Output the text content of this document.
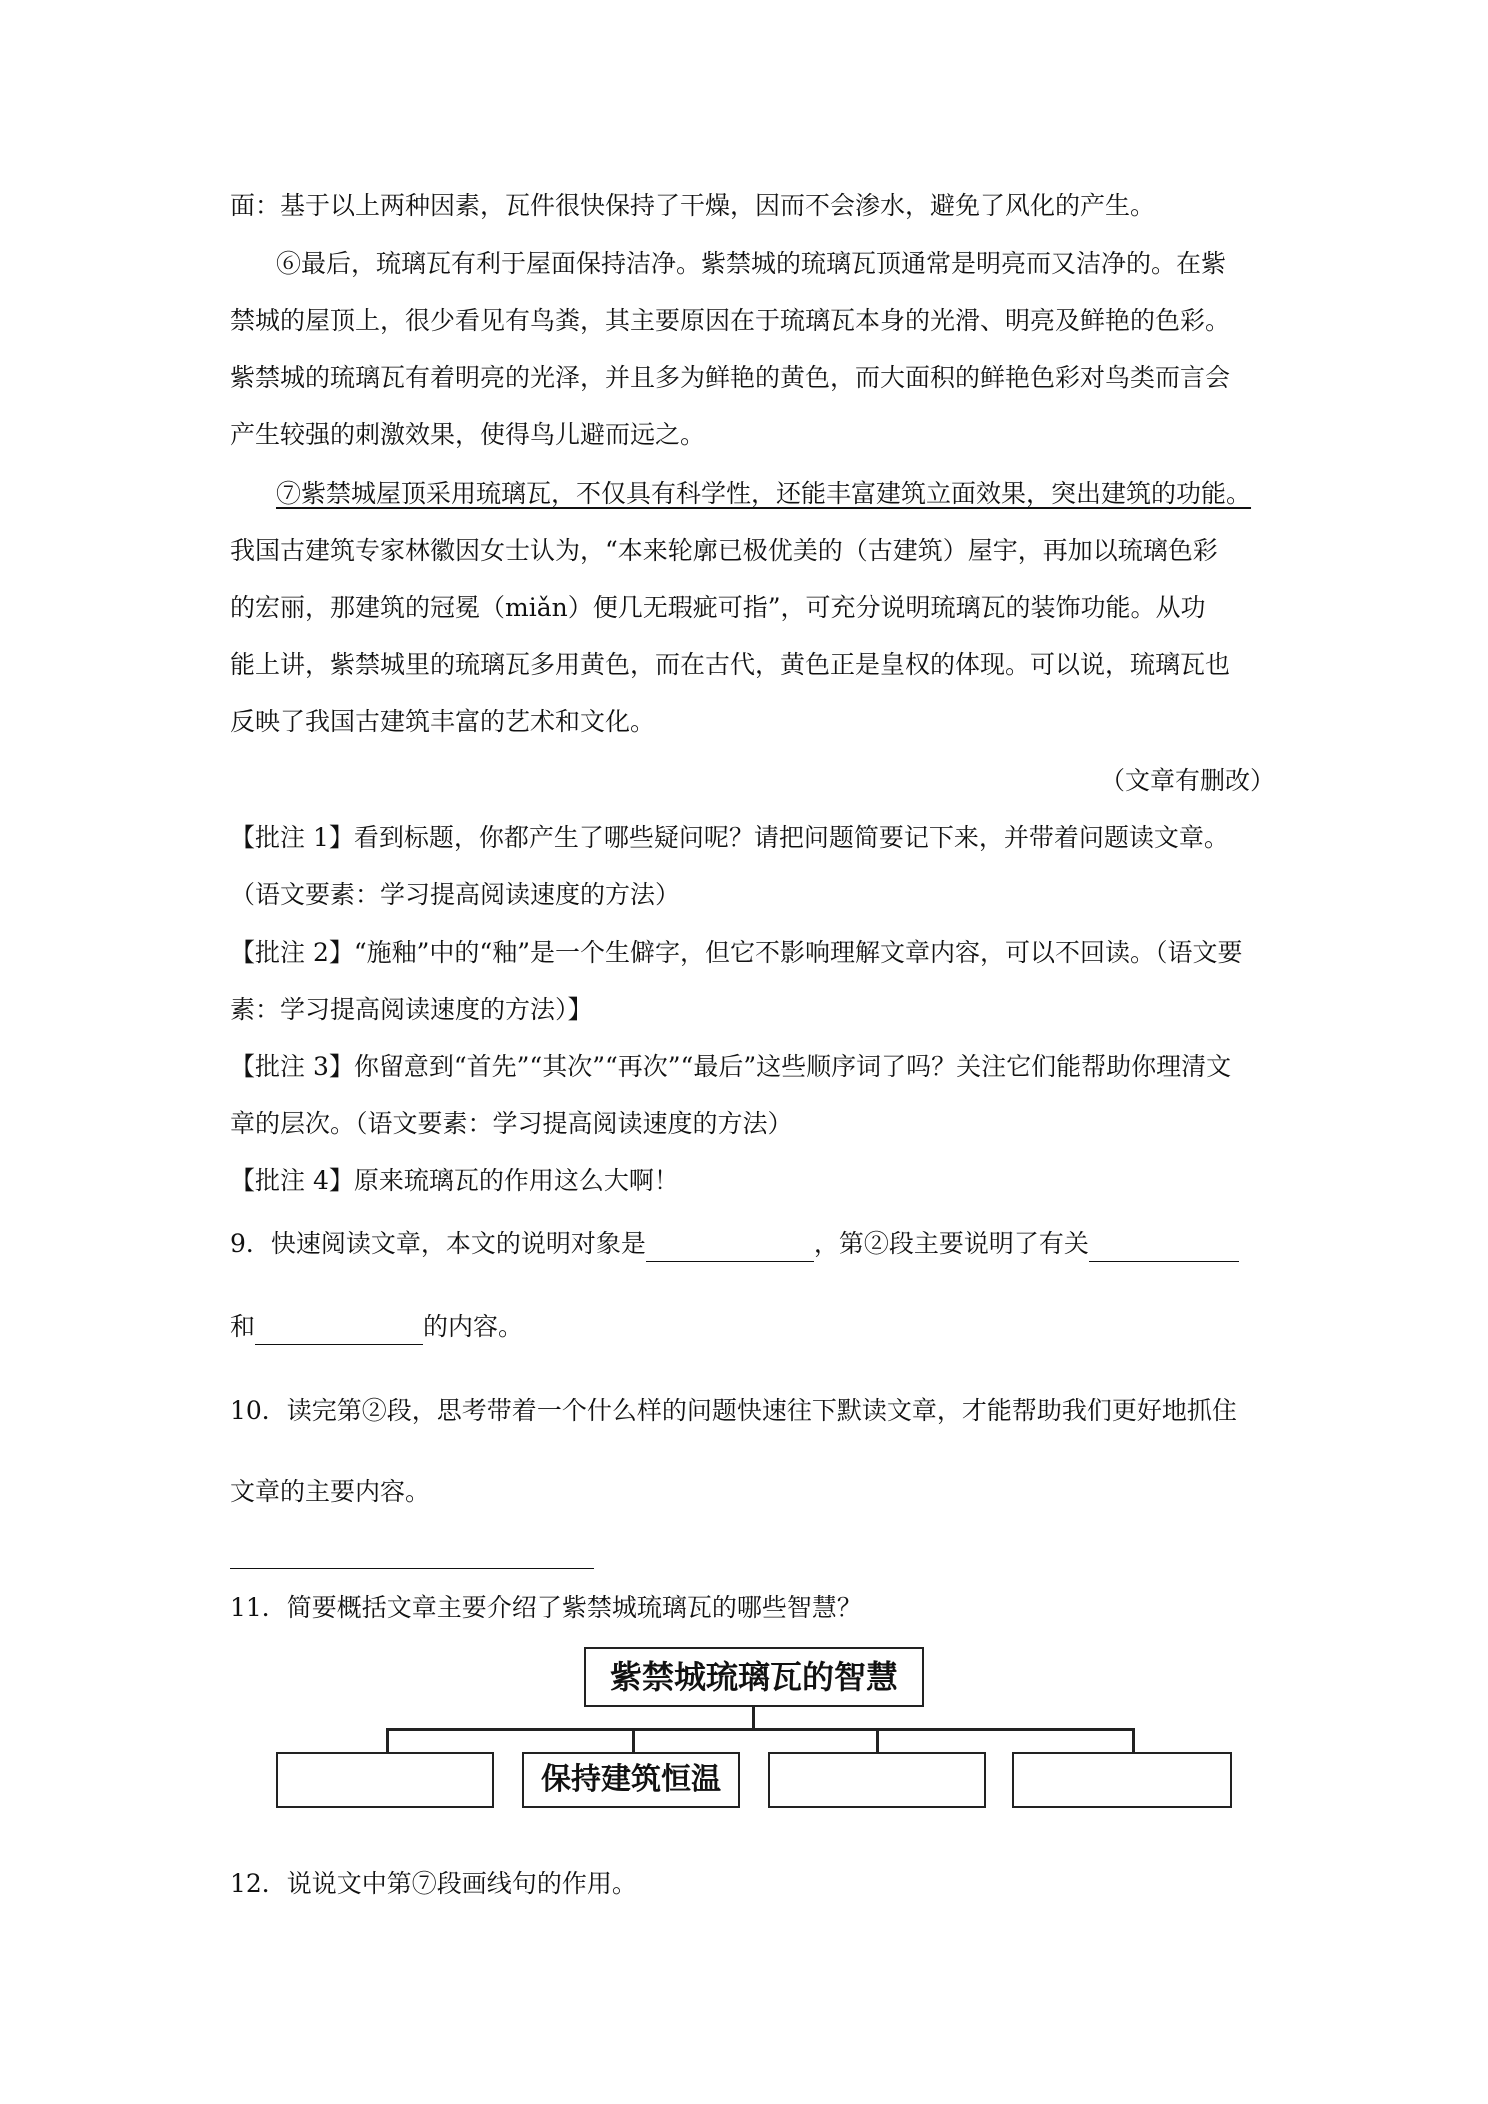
面：基于以上两种因素，瓦件很快保持了干燥，因而不会渗水，避免了风化的产生。
⑥最后，琉璃瓦有利于屋面保持洁净。紫禁城的琉璃瓦顶通常是明亮而又洁净的。在紫
禁城的屋顶上，很少看见有鸟粪，其主要原因在于琉璃瓦本身的光滑、明亮及鲜艳的色彩。
紫禁城的琉璃瓦有着明亮的光泽，并且多为鲜艳的黄色，而大面积的鲜艳色彩对鸟类而言会
产生较强的刺激效果，使得鸟儿避而远之。
⑦紫禁城屋顶采用琉璃瓦，不仅具有科学性，还能丰富建筑立面效果，突出建筑的功能。
我国古建筑专家林徽因女士认为，“本来轮廓已极优美的（古建筑）屋宇，再加以琉璃色彩
的宏丽，那建筑的冠冕（miǎn）便几无瑕疵可指”，可充分说明琉璃瓦的装饰功能。从功
能上讲，紫禁城里的琉璃瓦多用黄色，而在古代，黄色正是皇权的体现。可以说，琉璃瓦也
反映了我国古建筑丰富的艺术和文化。
（文章有删改）
【批注 1】看到标题，你都产生了哪些疑问呢？请把问题简要记下来，并带着问题读文章。
（语文要素：学习提高阅读速度的方法）
【批注 2】“施釉”中的“釉”是一个生僻字，但它不影响理解文章内容，可以不回读。（语文要
素：学习提高阅读速度的方法）】
【批注 3】你留意到“首先”“其次”“再次”“最后”这些顺序词了吗？关注它们能帮助你理清文
章的层次。（语文要素：学习提高阅读速度的方法）
【批注 4】原来琉璃瓦的作用这么大啊！
9．快速阅读文章，本文的说明对象是	，第②段主要说明了有关
和	的内容。
10．读完第②段，思考带着一个什么样的问题快速往下默读文章，才能帮助我们更好地抓住
文章的主要内容。
11．简要概括文章主要介绍了紫禁城琉璃瓦的哪些智慧？
12．说说文中第⑦段画线句的作用。
紫禁城琉璃瓦的智慧
保持建筑恒温
